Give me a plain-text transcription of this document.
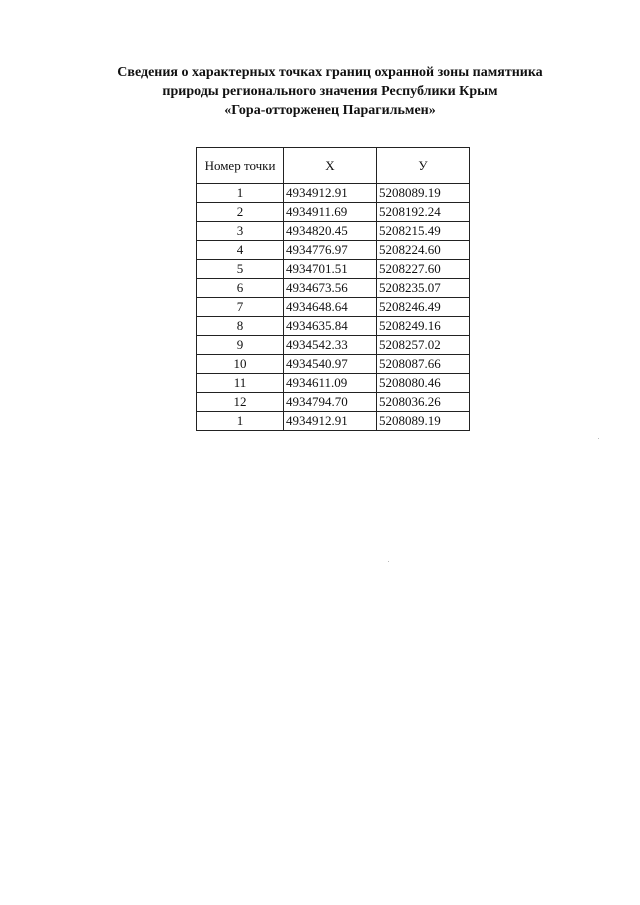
Сведения о характерных точках границ охранной зоны памятника
природы регионального значения Республики Крым
«Гора-отторженец Парагильмен»
Номер точки	X	У
1	4934912.91	5208089.19
2	4934911.69	5208192.24
3	4934820.45	5208215.49
4	4934776.97	5208224.60
5	4934701.51	5208227.60
6	4934673.56	5208235.07
7	4934648.64	5208246.49
8	4934635.84	5208249.16
9	4934542.33	5208257.02
10	4934540.97	5208087.66
11	4934611.09	5208080.46
12	4934794.70	5208036.26
1	4934912.91	5208089.19
